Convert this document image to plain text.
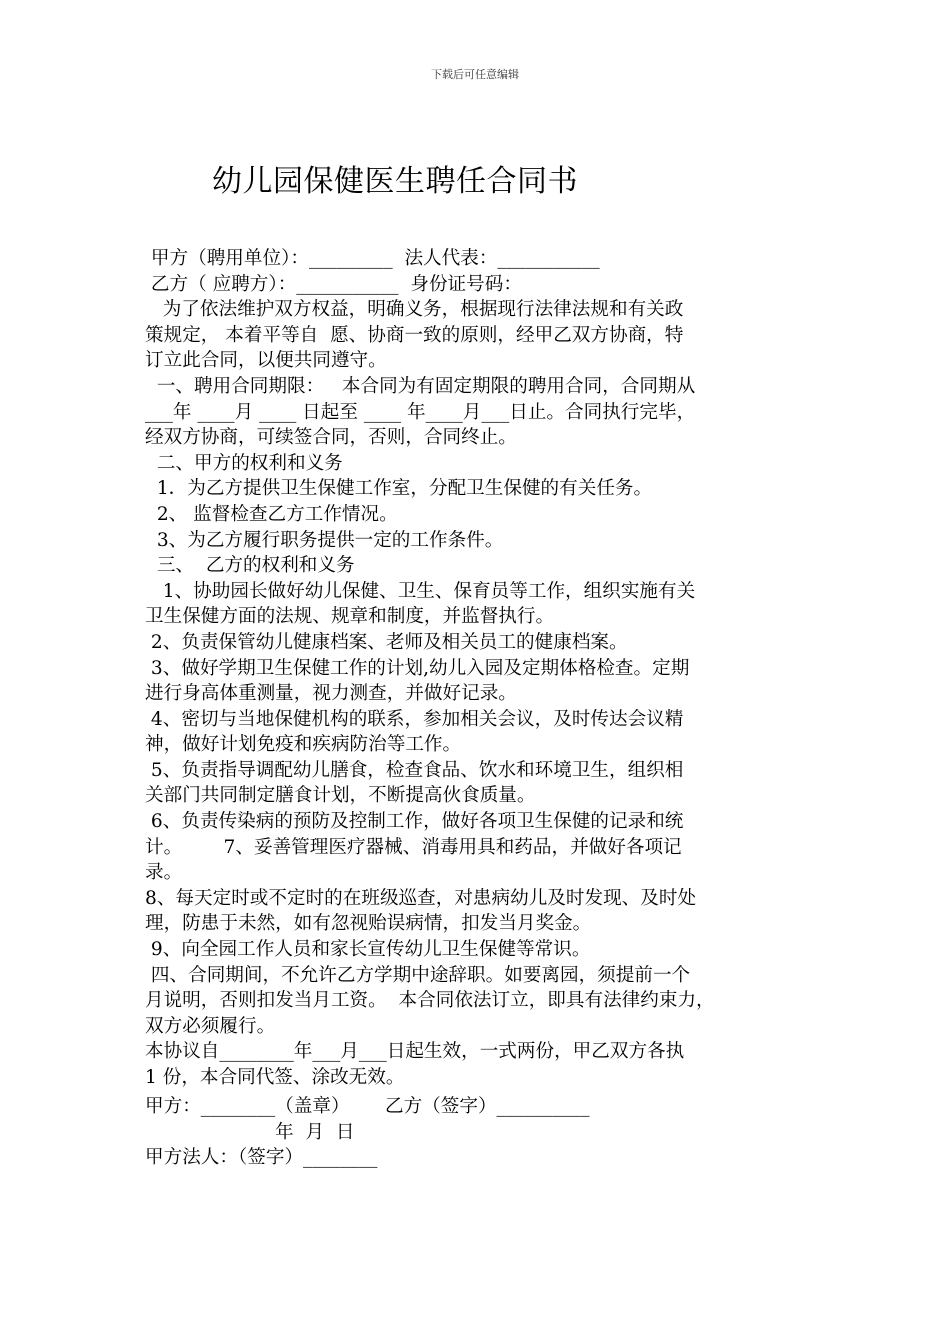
下载后可任意编辑
幼儿园保健医生聘任合同书

甲方（聘用单位）：_________  法人代表：___________

乙方（ 应聘方）：___________  身份证号码：

为了依法维护双方权益，明确义务，根据现行法律法规和有关政

策规定， 本着平等自  愿、协商一致的原则，经甲乙双方协商，特

订立此合同，以便共同遵守。

一、聘用合同期限：   本合同为有固定期限的聘用合同，合同期从

___年 ____月 ____ 日起至 ____ 年____月___日止。合同执行完毕，

经双方协商，可续签合同，否则，合同终止。

二、甲方的权利和义务

1．为乙方提供卫生保健工作室，分配卫生保健的有关任务。

2、 监督检查乙方工作情况。

3、为乙方履行职务提供一定的工作条件。

三、  乙方的权利和义务

1、协助园长做好幼儿保健、卫生、保育员等工作，组织实施有关

卫生保健方面的法规、规章和制度，并监督执行。

2、负责保管幼儿健康档案、老师及相关员工的健康档案。

3、做好学期卫生保健工作的计划,幼儿入园及定期体格检查。定期

进行身高体重测量，视力测查，并做好记录。

4、密切与当地保健机构的联系，参加相关会议，及时传达会议精

神，做好计划免疫和疾病防治等工作。

5、负责指导调配幼儿膳食，检查食品、饮水和环境卫生，组织相

关部门共同制定膳食计划，不断提高伙食质量。

6、负责传染病的预防及控制工作，做好各项卫生保健的记录和统

计。       7、妥善管理医疗器械、消毒用具和药品，并做好各项记

录。

8、每天定时或不定时的在班级巡查，对患病幼儿及时发现、及时处

理，防患于未然，如有忽视贻误病情，扣发当月奖金。

9、向全园工作人员和家长宣传幼儿卫生保健等常识。

四、合同期间，不允许乙方学期中途辞职。如要离园，须提前一个

月说明，否则扣发当月工资。  本合同依法订立，即具有法律约束力，

双方必须履行。

本协议自________年___月___日起生效，一式两份，甲乙双方各执

1 份，本合同代签、涂改无效。

甲方：________（盖章）      乙方（签字）__________

年  月  日

甲方法人：（签字）________
